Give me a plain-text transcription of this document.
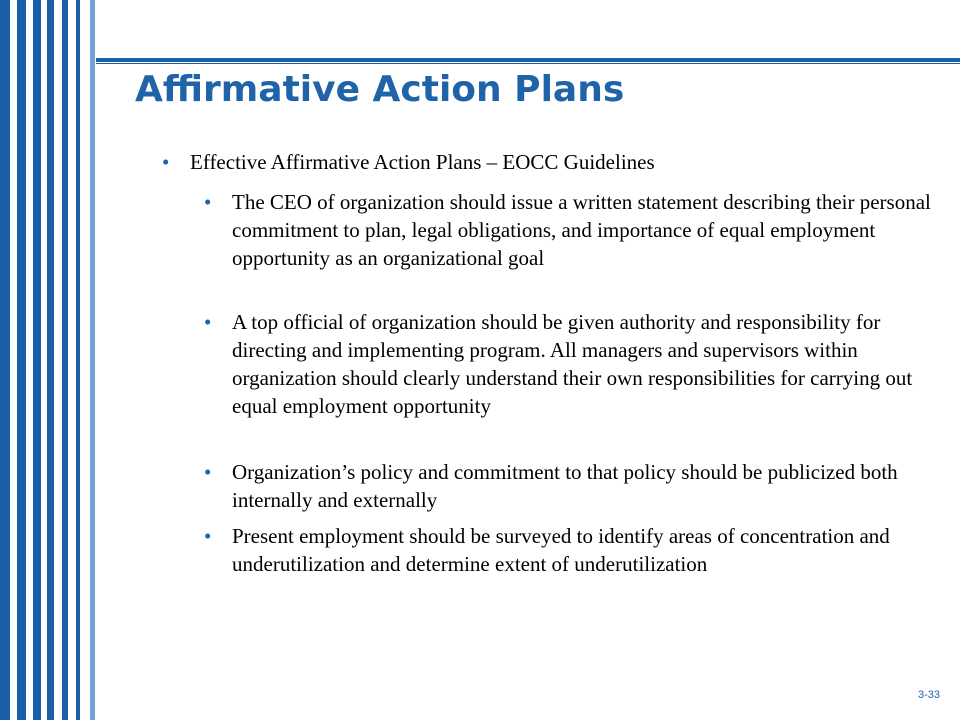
Affirmative Action Plans
• Effective Affirmative Action Plans – EOCC Guidelines
• The CEO of organization should issue a written statement describing their personal commitment to plan, legal obligations, and importance of equal employment opportunity as an organizational goal
• A top official of organization should be given authority and responsibility for directing and implementing program. All managers and supervisors within organization should clearly understand their own responsibilities for carrying out equal employment opportunity
• Organization’s policy and commitment to that policy should be publicized both internally and externally
• Present employment should be surveyed to identify areas of concentration and underutilization and determine extent of underutilization
3-33
